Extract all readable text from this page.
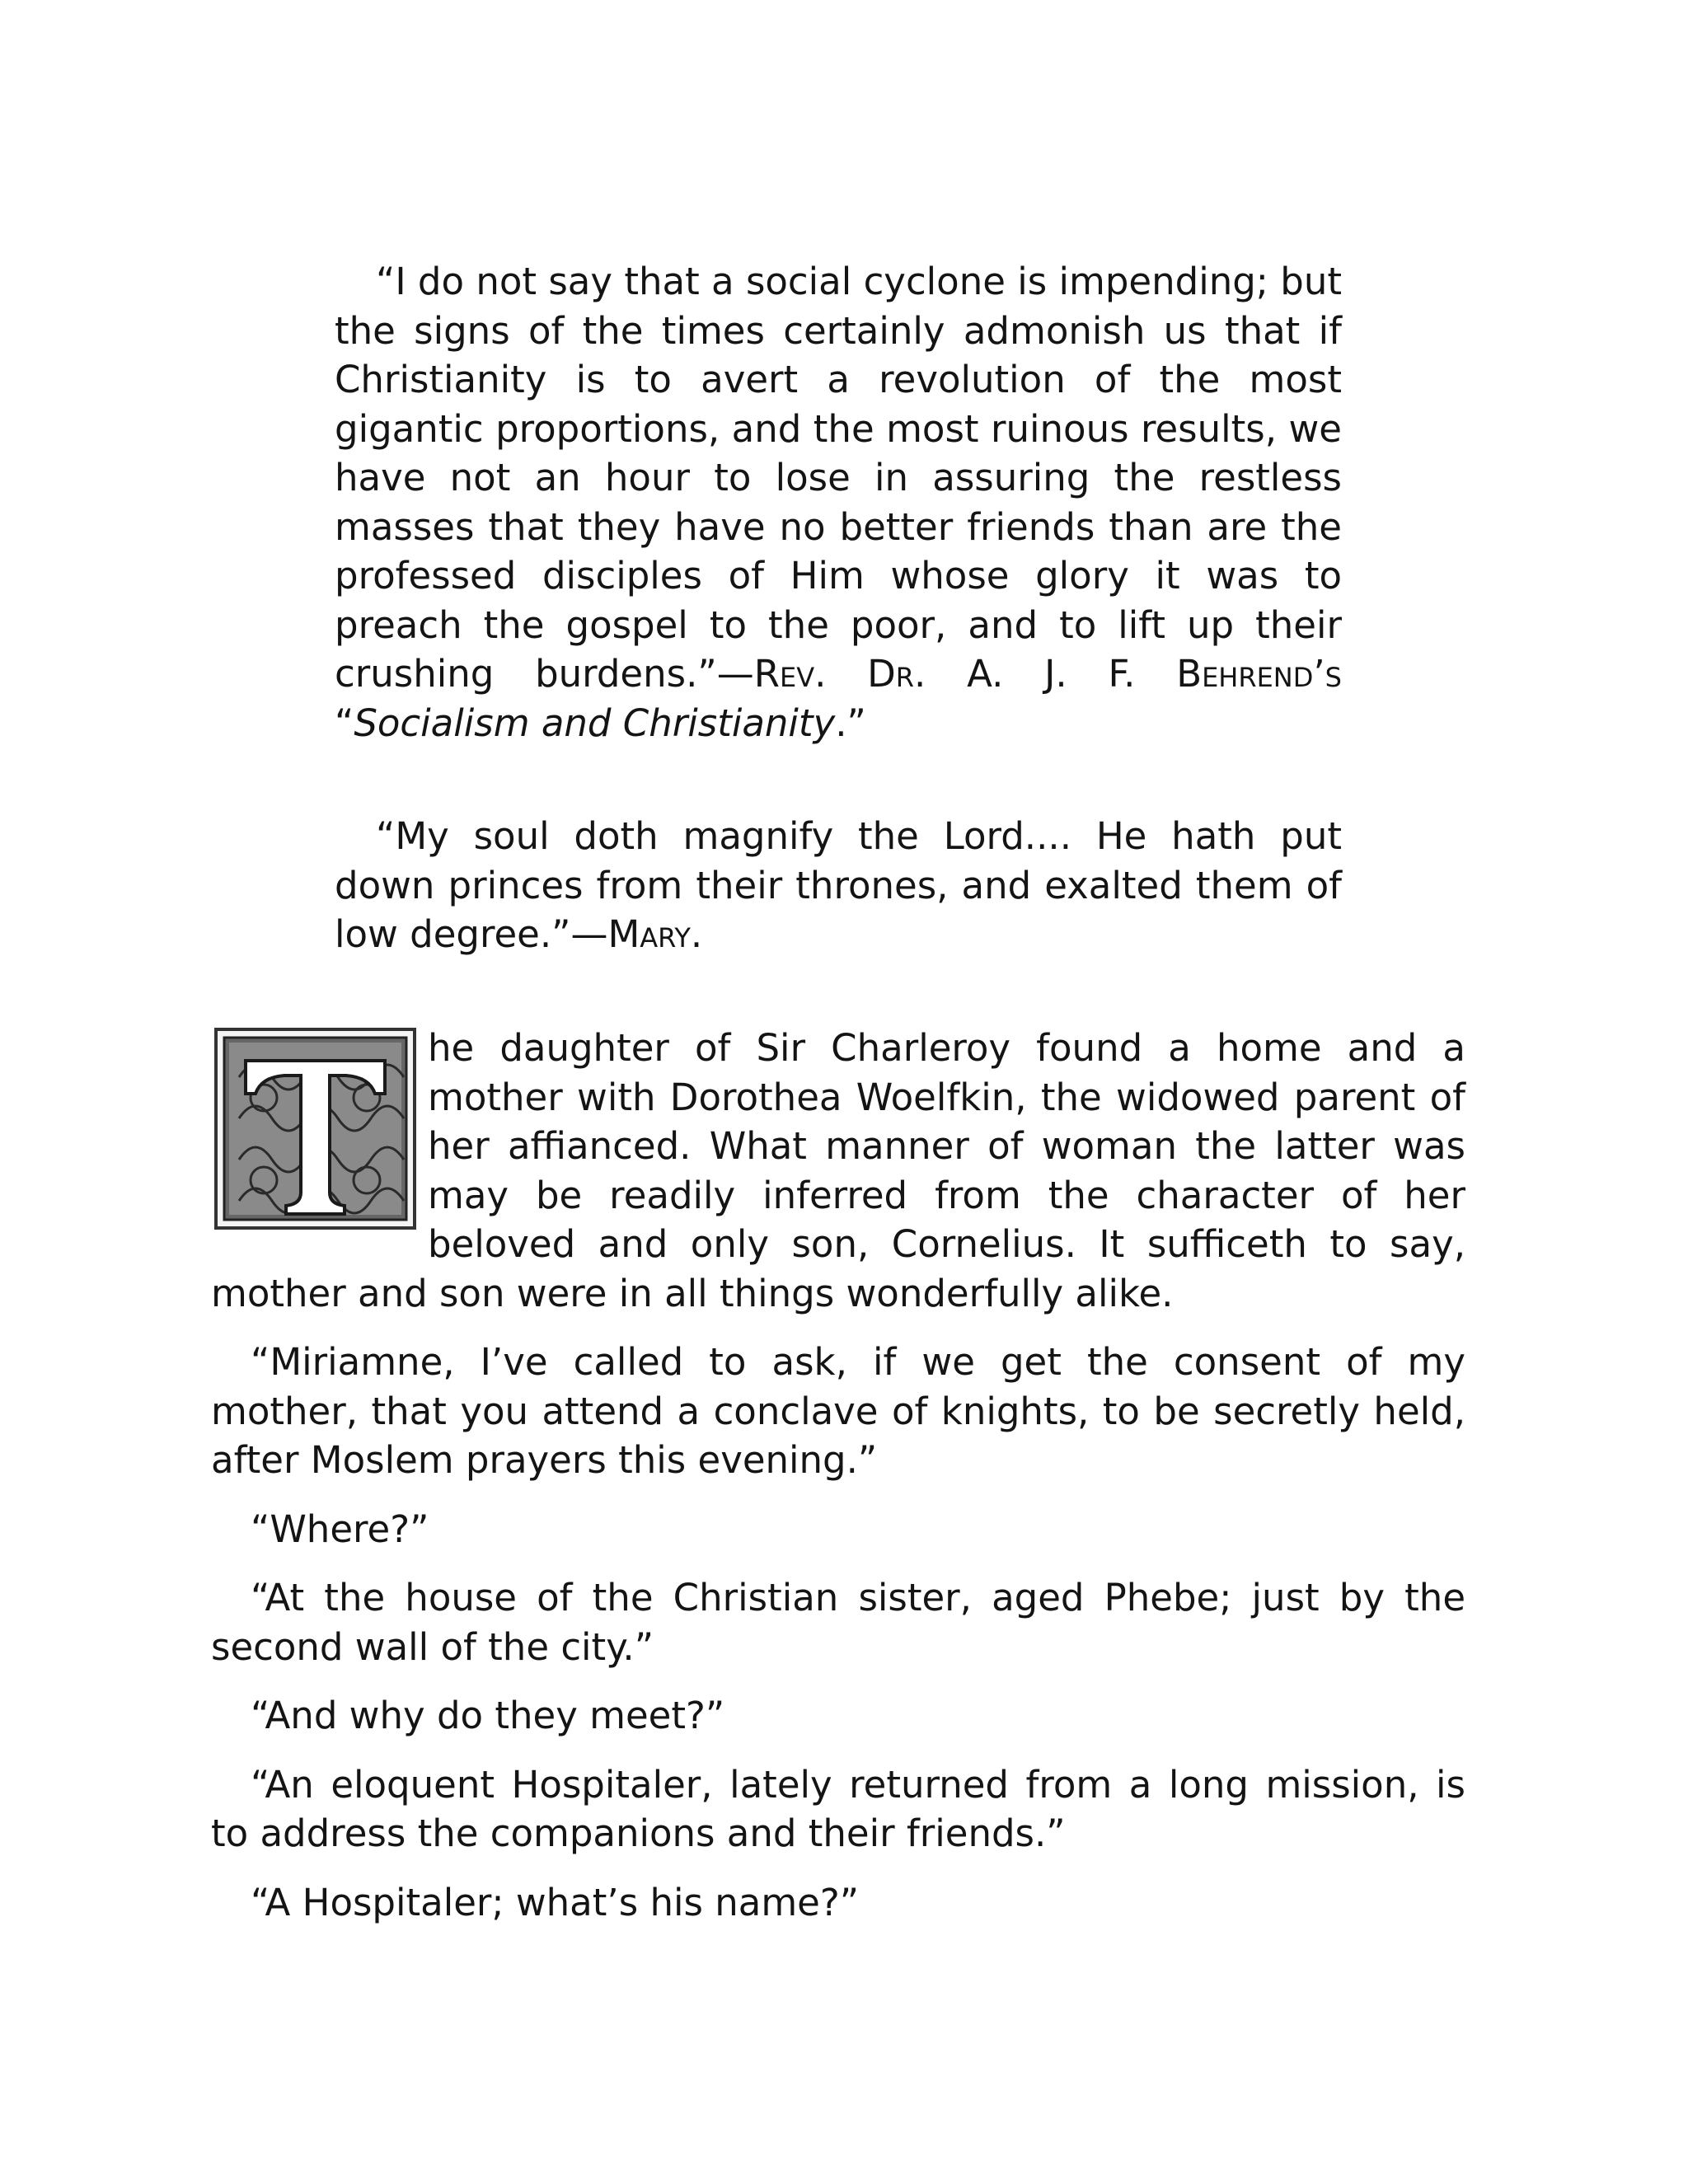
“I do not say that a social cyclone is impending; but the signs of the times certainly admonish us that if Christianity is to avert a revolution of the most gigantic proportions, and the most ruinous results, we have not an hour to lose in assuring the restless masses that they have no better friends than are the professed disciples of Him whose glory it was to preach the gospel to the poor, and to lift up their crushing burdens.”—Rev. Dr. A. J. F. Behrend’s “Socialism and Christianity.”
“My soul doth magnify the Lord.... He hath put down princes from their thrones, and exalted them of low degree.”—Mary.

he daughter of Sir Charleroy found a home and a mother with Dorothea Woelfkin, the widowed parent of her affianced. What manner of woman the latter was may be readily inferred from the character of her beloved and only son, Cornelius. It sufficeth to say, mother and son were in all things wonderfully alike.

“Miriamne, I’ve called to ask, if we get the consent of my mother, that you attend a conclave of knights, to be secretly held, after Moslem prayers this evening.”

“Where?”

“At the house of the Christian sister, aged Phebe; just by the second wall of the city.”

“And why do they meet?”

“An eloquent Hospitaler, lately returned from a long mission, is to address the companions and their friends.”

“A Hospitaler; what’s his name?”
